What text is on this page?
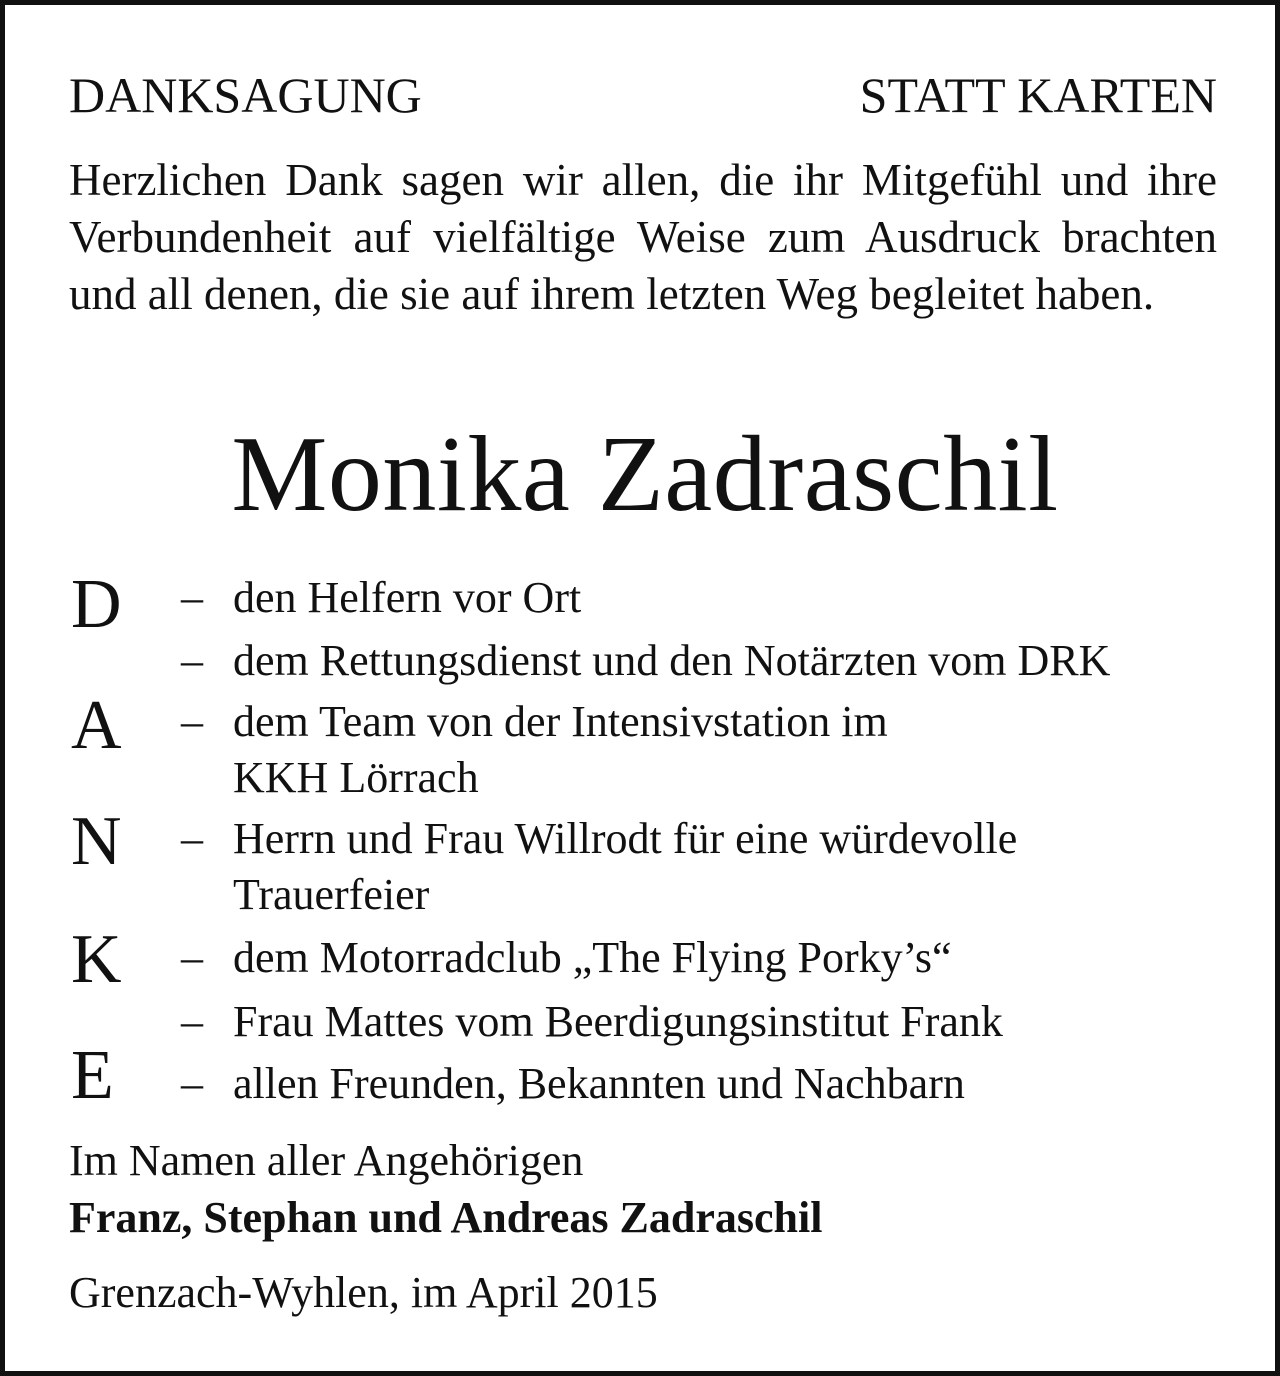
DANKSAGUNG	STATT KARTEN
Herzlichen Dank sagen wir allen, die ihr Mitgefühl und ihre Verbundenheit auf vielfältige Weise zum Ausdruck brachten und all denen, die sie auf ihrem letzten Weg begleitet haben.
Monika Zadraschil
D
A
N
K
E
– den Helfern vor Ort
– dem Rettungsdienst und den Notärzten vom DRK
– dem Team von der Intensivstation im
KKH Lörrach
– Herrn und Frau Willrodt für eine würdevolle
Trauerfeier
– dem Motorradclub „The Flying Porky’s“
– Frau Mattes vom Beerdigungsinstitut Frank
– allen Freunden, Bekannten und Nachbarn
Im Namen aller Angehörigen
Franz, Stephan und Andreas Zadraschil
Grenzach-Wyhlen, im April 2015
